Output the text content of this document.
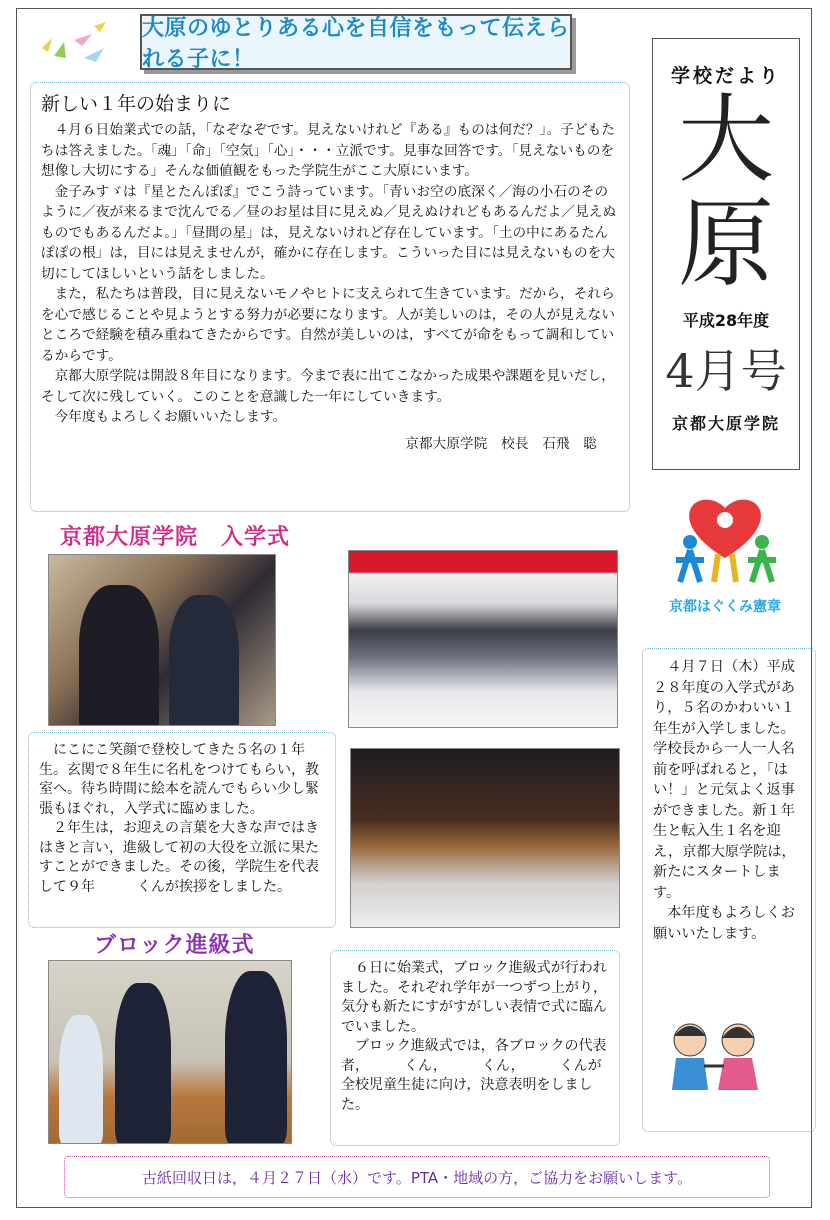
大原のゆとりある心を自信をもって伝えられる子に！
新しい１年の始まりに

４月６日始業式での話，「なぞなぞです。見えないけれど『ある』ものは何だ？」。子どもたちは答えました。「魂」「命」「空気」「心」・・・立派です。見事な回答です。「見えないものを想像し大切にする」そんな価値観をもった学院生がここ大原にいます。

金子みすゞは『星とたんぽぽ』でこう詩っています。「青いお空の底深く／海の小石のそのように／夜が来るまで沈んでる／昼のお星は目に見えぬ／見えぬけれどもあるんだよ／見えぬものでもあるんだよ。」「昼間の星」は，見えないけれど存在しています。「土の中にあるたんぽぽの根」は，目には見えませんが，確かに存在します。こういった目には見えないものを大切にしてほしいという話をしました。

また，私たちは普段，目に見えないモノやヒトに支えられて生きています。だから，それらを心で感じることや見ようとする努力が必要になります。人が美しいのは，その人が見えないところで経験を積み重ねてきたからです。自然が美しいのは，すべてが命をもって調和しているからです。

京都大原学院は開設８年目になります。今まで表に出てこなかった成果や課題を見いだし，そして次に残していく。このことを意識した一年にしていきます。

今年度もよろしくお願いいたします。

京都大原学院　校長　石飛　聡

学校だより
大原
平成28年度
4月号
京都大原学院
京都はぐくみ憲章
京都大原学院　入学式

にこにこ笑顔で登校してきた５名の１年生。玄関で８年生に名札をつけてもらい，教室へ。待ち時間に絵本を読んでもらい少し緊張もほぐれ，入学式に臨めました。

２年生は，お迎えの言葉を大きな声ではきはきと言い，進級して初の大役を立派に果たすことができました。その後，学院生を代表して９年　　　くんが挨拶をしました。

４月７日（木）平成２８年度の入学式があり，５名のかわいい１年生が入学しました。学校長から一人一人名前を呼ばれると，「はい！」と元気よく返事ができました。新１年生と転入生１名を迎え，京都大原学院は，新たにスタートします。

本年度もよろしくお願いいたします。

ブロック進級式

６日に始業式，ブロック進級式が行われました。それぞれ学年が一つずつ上がり，気分も新たにすがすがしい表情で式に臨んでいました。

ブロック進級式では，各ブロックの代表者，　　　くん，　　　くん，　　　くんが全校児童生徒に向け，決意表明をしました。

古紙回収日は，４月２７日（水）です。PTA・地域の方，ご協力をお願いします。
